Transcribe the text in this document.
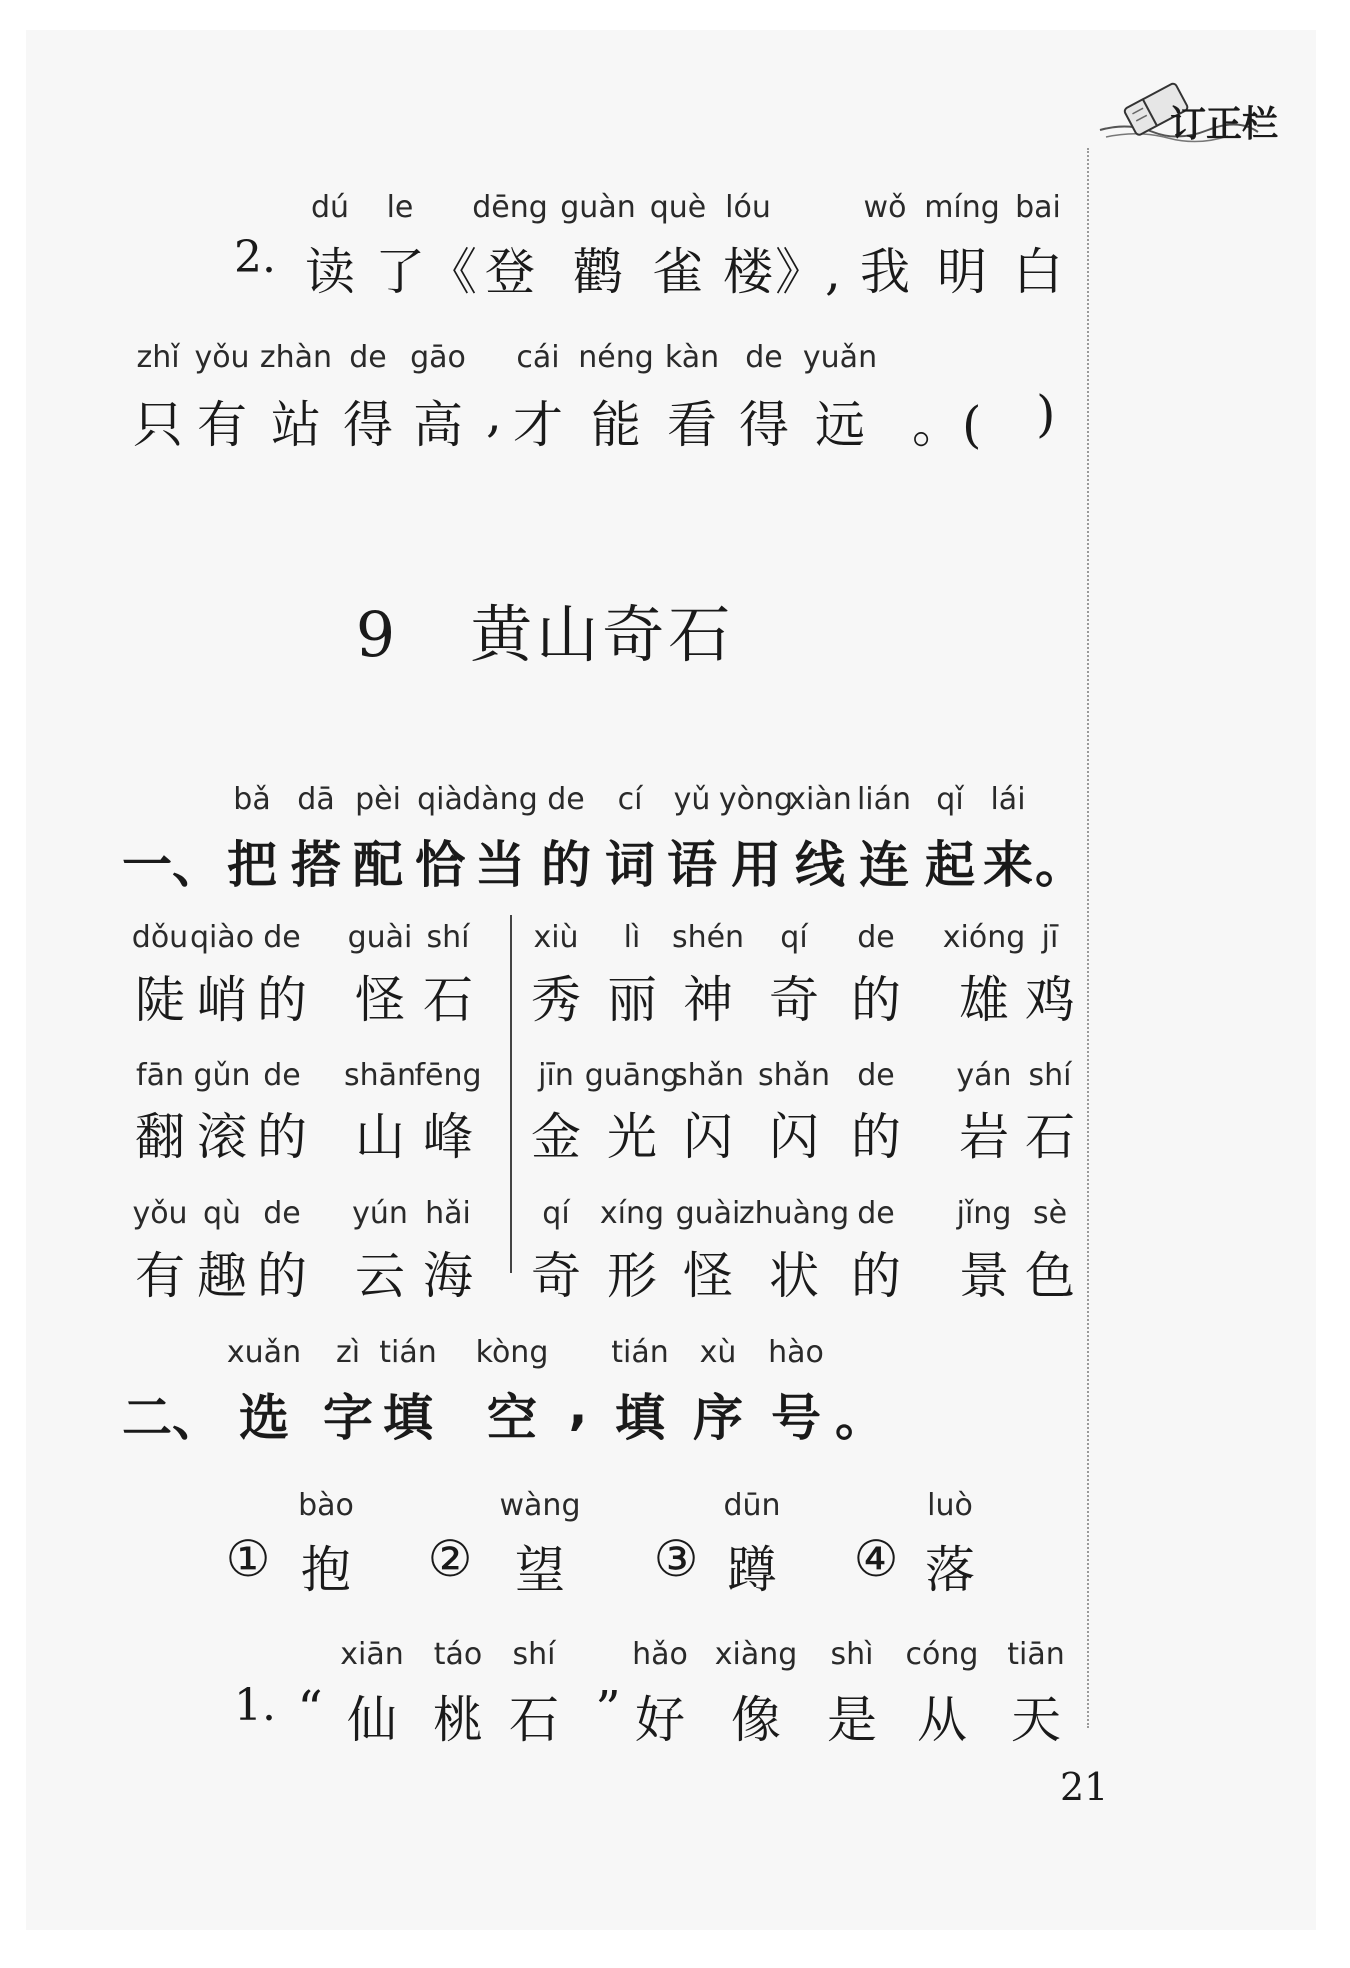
订正栏
2.
dú
读
le
了 《
dēng
登
guàn
鹳
què
雀
lóu
楼 》,
wǒ
我
míng
明
bai
白
zhǐ
只
yǒu
有
zhàn
站
de
得
gāo
高 ,
cái
才
néng
能
kàn
看
de
得
yuǎn
远 。( )
9 黄山奇石
一、
bǎ
把
dā
搭
pèi
配
qià
恰
dàng
当
de
的
cí
词
yǔ
语
yòng
用
xiàn
线
lián
连
qǐ
起
lái
来 。
dǒu
陡
qiào
峭
de
的
guài
怪
shí
石
fān
翻
gǔn
滚
de
的
shān
山
fēng
峰
yǒu
有
qù
趣
de
的
yún
云
hǎi
海
xiù
秀
lì
丽
shén
神
qí
奇
de
的
xióng
雄
jī
鸡
jīn
金
guāng
光
shǎn
闪
shǎn
闪
de
的
yán
岩
shí
石
qí
奇
xíng
形
guài
怪
zhuàng
状
de
的
jǐng
景
sè
色
二、
xuǎn
选
zì
字
tián
填
kòng
空 ,
tián
填
xù
序
hào
号 。
①
bào
抱 ②
wàng
望 ③
dūn
蹲 ④
luò
落
1. “
xiān
仙
táo
桃
shí
石 ”
hǎo
好
xiàng
像
shì
是
cóng
从
tiān
天
21
